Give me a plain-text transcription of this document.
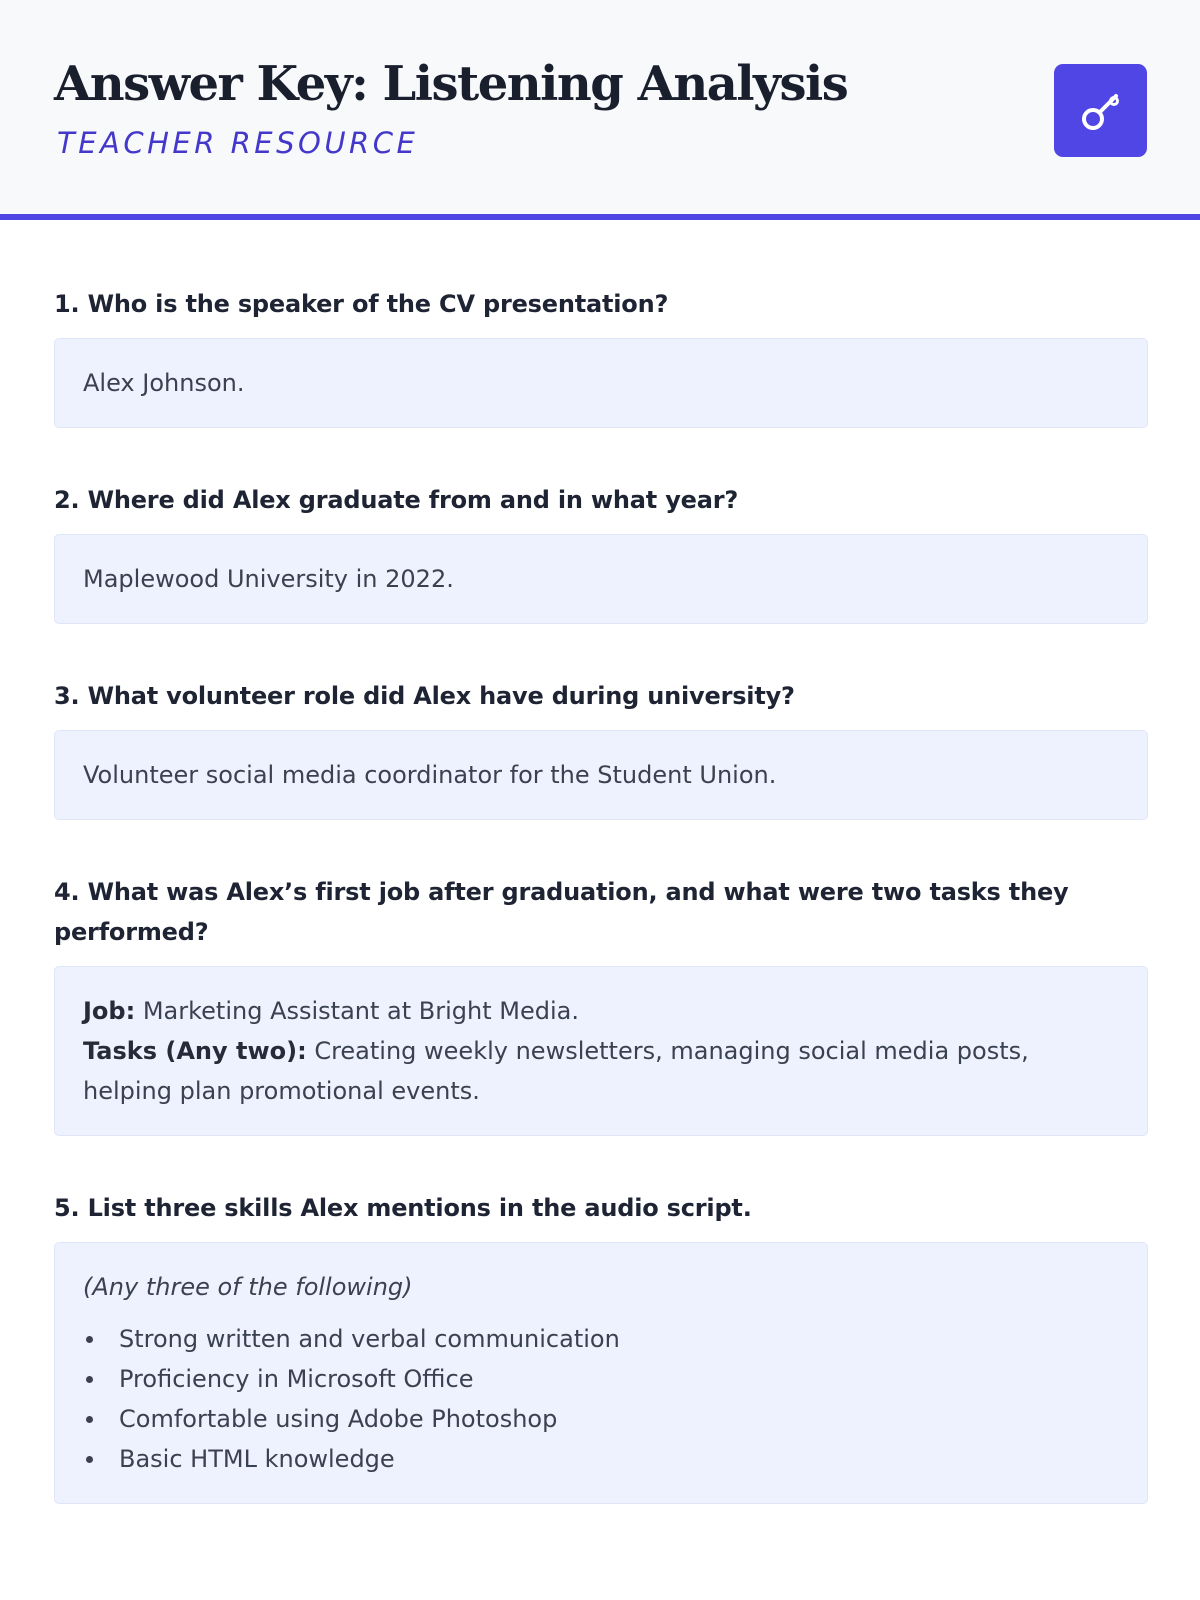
Answer Key: Listening Analysis
TEACHER RESOURCE
1. Who is the speaker of the CV presentation?
Alex Johnson.
2. Where did Alex graduate from and in what year?
Maplewood University in 2022.
3. What volunteer role did Alex have during university?
Volunteer social media coordinator for the Student Union.
4. What was Alex’s first job after graduation, and what were two tasks they performed?
Job: Marketing Assistant at Bright Media.
Tasks (Any two): Creating weekly newsletters, managing social media posts, helping plan promotional events.
5. List three skills Alex mentions in the audio script.
(Any three of the following)
Strong written and verbal communication
Proficiency in Microsoft Office
Comfortable using Adobe Photoshop
Basic HTML knowledge
